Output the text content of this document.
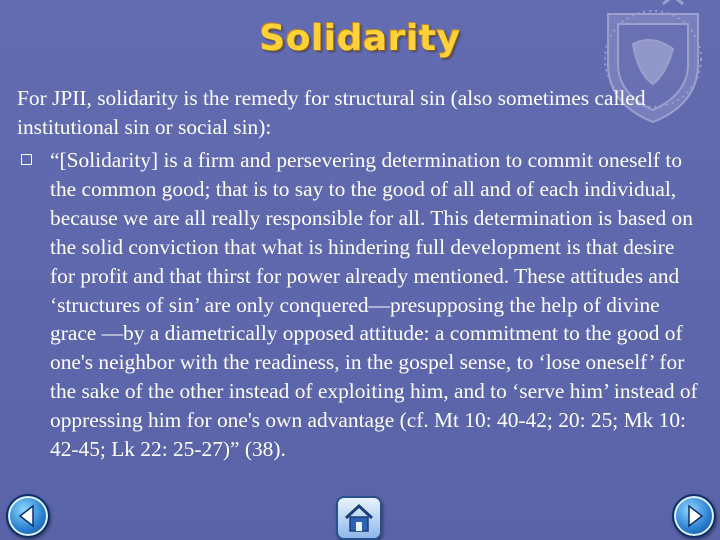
Solidarity
For JPII, solidarity is the remedy for structural sin (also sometimes called institutional sin or social sin):
“[Solidarity] is a firm and persevering determination to commit oneself to the common good; that is to say to the good of all and of each individual, because we are all really responsible for all. This determination is based on the solid conviction that what is hindering full development is that desire for profit and that thirst for power already mentioned. These attitudes and ‘structures of sin’ are only conquered—presupposing the help of divine grace —by a diametrically opposed attitude: a commitment to the good of one's neighbor with the readiness, in the gospel sense, to ‘lose oneself’ for the sake of the other instead of exploiting him, and to ‘serve him’ instead of oppressing him for one's own advantage (cf. Mt 10: 40-42; 20: 25; Mk 10: 42-45; Lk 22: 25-27)” (38).
